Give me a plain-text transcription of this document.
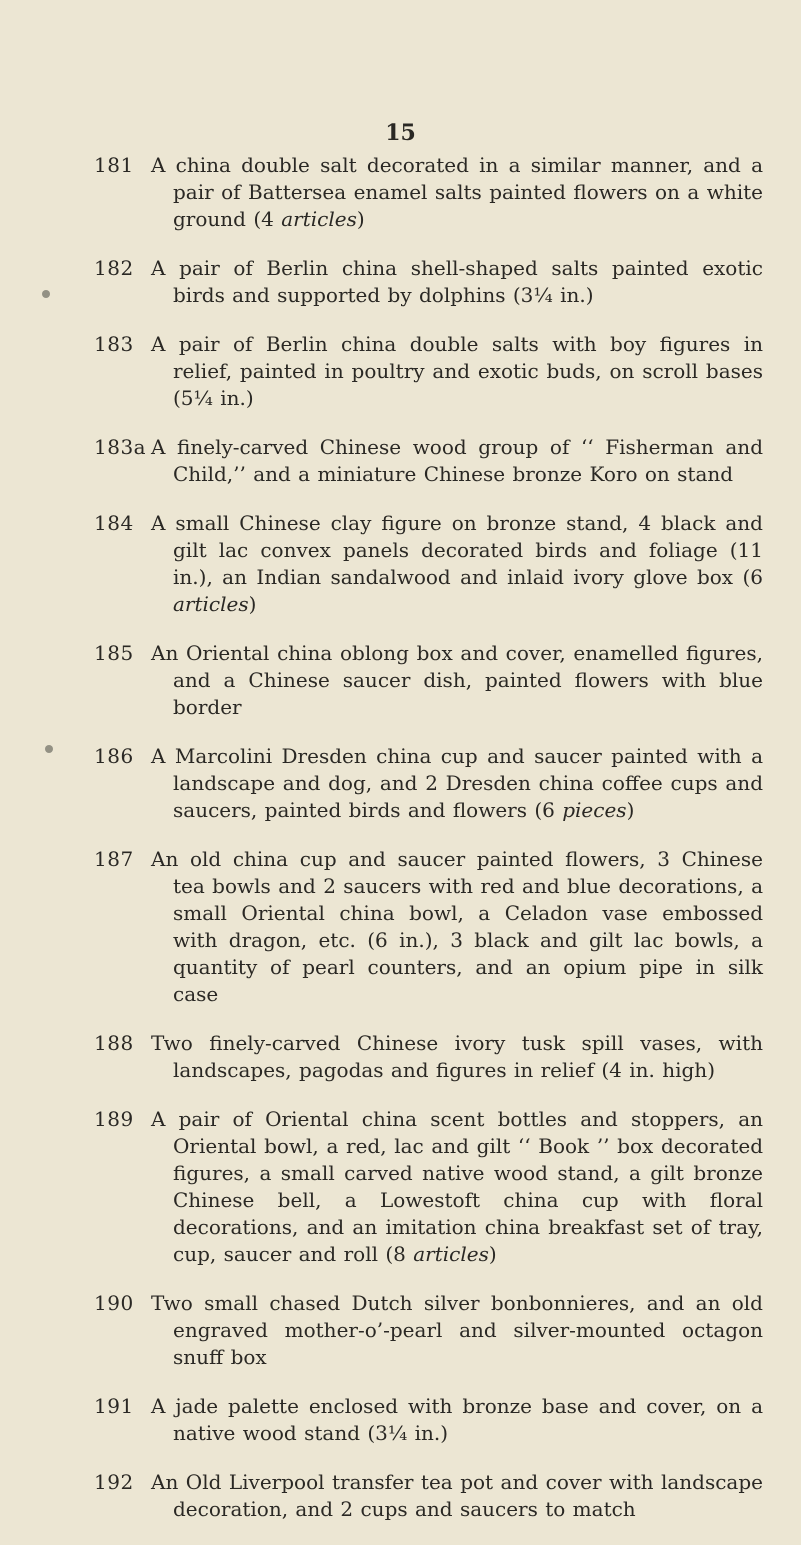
15
181 A china double salt decorated in a similar manner, and a pair of Battersea enamel salts painted flowers on a white ground (4 articles)
182 A pair of Berlin china shell-shaped salts painted exotic birds and supported by dolphins (3¼ in.)
183 A pair of Berlin china double salts with boy figures in relief, painted in poultry and exotic buds, on scroll bases (5¼ in.)
183a A finely-carved Chinese wood group of ‘‘ Fisherman and Child,’’ and a miniature Chinese bronze Koro on stand
184 A small Chinese clay figure on bronze stand, 4 black and gilt lac convex panels decorated birds and foliage (11 in.), an Indian sandalwood and inlaid ivory glove box (6 articles)
185 An Oriental china oblong box and cover, enamelled figures, and a Chinese saucer dish, painted flowers with blue border
186 A Marcolini Dresden china cup and saucer painted with a landscape and dog, and 2 Dresden china coffee cups and saucers, painted birds and flowers (6 pieces)
187 An old china cup and saucer painted flowers, 3 Chinese tea bowls and 2 saucers with red and blue decorations, a small Oriental china bowl, a Celadon vase embossed with dragon, etc. (6 in.), 3 black and gilt lac bowls, a quantity of pearl counters, and an opium pipe in silk case
188 Two finely-carved Chinese ivory tusk spill vases, with landscapes, pagodas and figures in relief (4 in. high)
189 A pair of Oriental china scent bottles and stoppers, an Oriental bowl, a red, lac and gilt ‘‘ Book ’’ box decorated figures, a small carved native wood stand, a gilt bronze Chinese bell, a Lowestoft china cup with floral decorations, and an imitation china breakfast set of tray, cup, saucer and roll (8 articles)
190 Two small chased Dutch silver bonbonnieres, and an old engraved mother-o’-pearl and silver-mounted octagon snuff box
191 A jade palette enclosed with bronze base and cover, on a native wood stand (3¼ in.)
192 An Old Liverpool transfer tea pot and cover with landscape decoration, and 2 cups and saucers to match
